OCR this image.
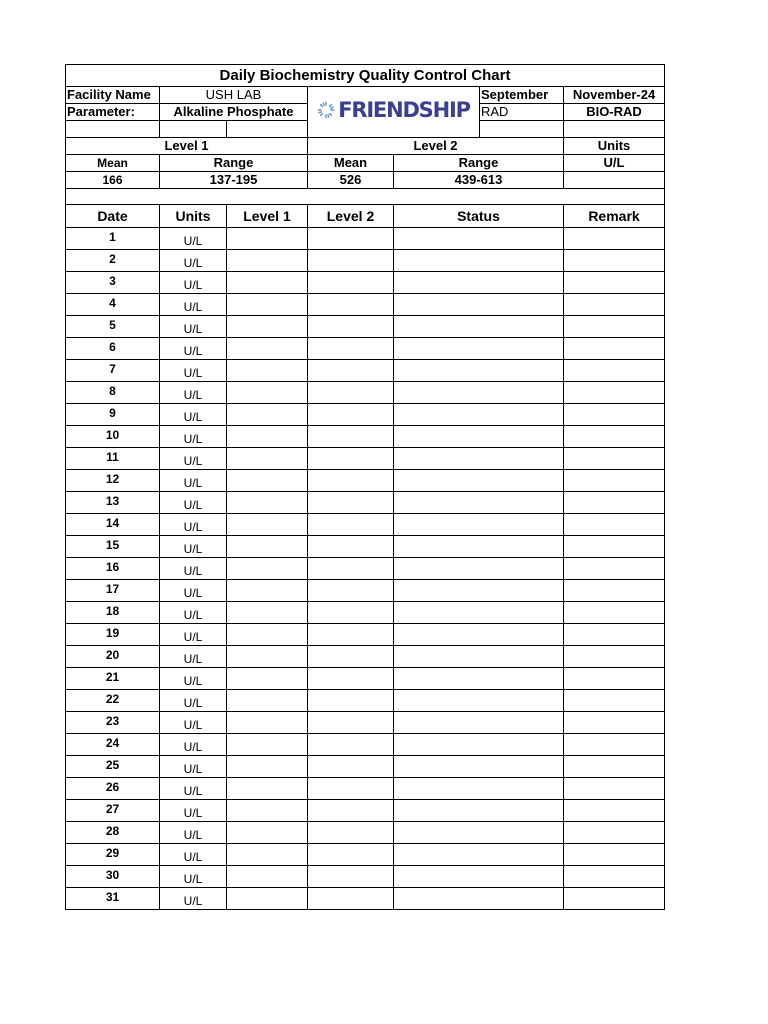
Daily Biochemistry Quality Control Chart						
Facility Name	USH LAB		FRIENDSHIP		September	November-24
Parameter:	Alkaline Phosphate				RAD	BIO-RAD

Level 1			Level 2			Units
Mean	Range		Mean	Range		U/L
166	137-195		526	439-613		

Date	Units	Level 1	Level 2	Status		Remark
1	U/L					
2	U/L					
3	U/L					
4	U/L					
5	U/L					
6	U/L					
7	U/L					
8	U/L					
9	U/L					
10	U/L					
11	U/L					
12	U/L					
13	U/L					
14	U/L					
15	U/L					
16	U/L					
17	U/L					
18	U/L					
19	U/L					
20	U/L					
21	U/L					
22	U/L					
23	U/L					
24	U/L					
25	U/L					
26	U/L					
27	U/L					
28	U/L					
29	U/L					
30	U/L					
31	U/L					
